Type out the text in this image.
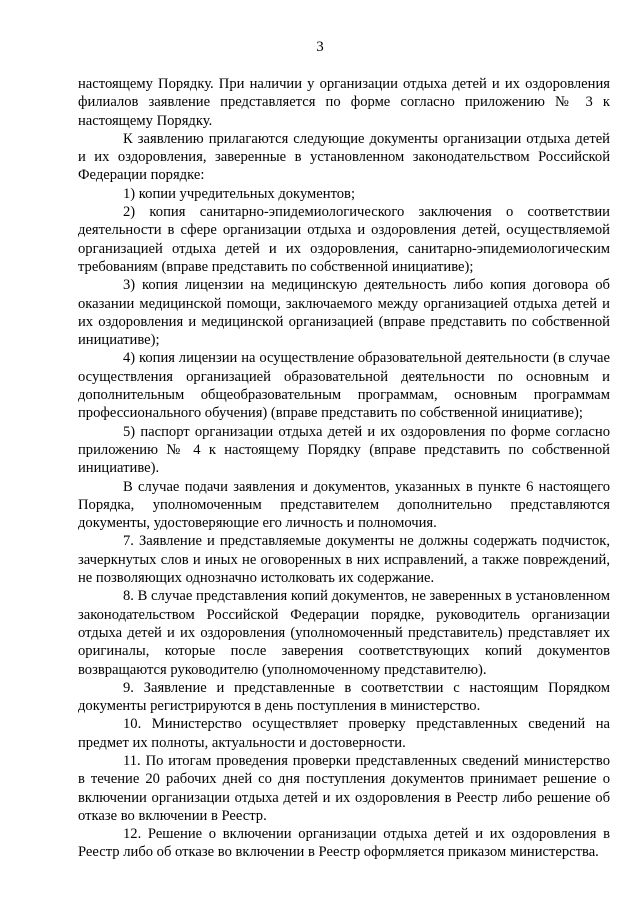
3

настоящему Порядку. При наличии у организации отдыха детей и их оздоровления филиалов заявление представляется по форме согласно приложению № 3 к настоящему Порядку.

К заявлению прилагаются следующие документы организации отдыха детей и их оздоровления, заверенные в установленном законодательством Российской Федерации порядке:

1) копии учредительных документов;

2) копия санитарно-эпидемиологического заключения о соответствии деятельности в сфере организации отдыха и оздоровления детей, осуществляемой организацией отдыха детей и их оздоровления, санитарно-эпидемиологическим требованиям (вправе представить по собственной инициативе);

3) копия лицензии на медицинскую деятельность либо копия договора об оказании медицинской помощи, заключаемого между организацией отдыха детей и их оздоровления и медицинской организацией (вправе представить по собственной инициативе);

4) копия лицензии на осуществление образовательной деятельности (в случае осуществления организацией образовательной деятельности по основным и дополнительным общеобразовательным программам, основным программам профессионального обучения) (вправе представить по собственной инициативе);

5) паспорт организации отдыха детей и их оздоровления по форме согласно приложению № 4 к настоящему Порядку (вправе представить по собственной инициативе).

В случае подачи заявления и документов, указанных в пункте 6 настоящего Порядка, уполномоченным представителем дополнительно представляются документы, удостоверяющие его личность и полномочия.

7. Заявление и представляемые документы не должны содержать подчисток, зачеркнутых слов и иных не оговоренных в них исправлений, а также повреждений, не позволяющих однозначно истолковать их содержание.

8. В случае представления копий документов, не заверенных в установленном законодательством Российской Федерации порядке, руководитель организации отдыха детей и их оздоровления (уполномоченный представитель) представляет их оригиналы, которые после заверения соответствующих копий документов возвращаются руководителю (уполномоченному представителю).

9. Заявление и представленные в соответствии с настоящим Порядком документы регистрируются в день поступления в министерство.

10. Министерство осуществляет проверку представленных сведений на предмет их полноты, актуальности и достоверности.

11. По итогам проведения проверки представленных сведений министерство в течение 20 рабочих дней со дня поступления документов принимает решение о включении организации отдыха детей и их оздоровления в Реестр либо решение об отказе во включении в Реестр.

12. Решение о включении организации отдыха детей и их оздоровления в Реестр либо об отказе во включении в Реестр оформляется приказом министерства.
